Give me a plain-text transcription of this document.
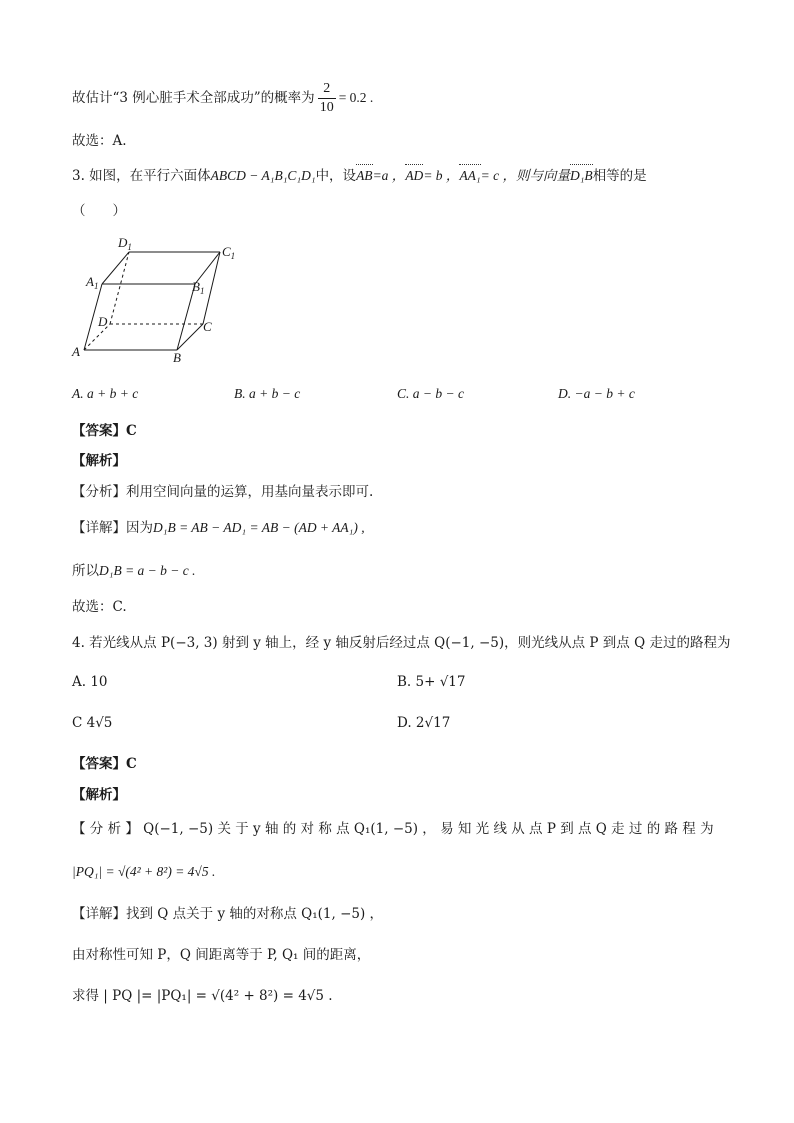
故估计“3 例心脏手术全部成功”的概率为 $\frac{2}{10} = 0.2$ .
故选：A.
3. 如图，在平行六面体ABCD − A₁B₁C₁D₁中，设AB=a ，AD= b ，AA₁= c ，则与向量D₁B相等的是
（　　）
$D_1$	$C_1$
$A_1$	$B_1$
D	C
A	B
A. a + b + c	B. a + b − c	C. a − b − c	D. −a − b + c
【答案】C
【解析】
【分析】利用空间向量的运算，用基向量表示即可.
【详解】因为D₁B = AB − AD₁ = AB − (AD + AA₁) ,
所以D₁B = a − b − c .
故选：C.
4. 若光线从点 P(−3, 3) 射到 y 轴上，经 y 轴反射后经过点 Q(−1, −5)，则光线从点 P 到点 Q 走过的路程为
A. 10	B. 5+ √17
C 4√5	D. 2√17
【答案】C
【解析】
【 分 析 】 Q(−1, −5) 关 于 y 轴 的 对 称 点 Q₁(1, −5) ， 易 知 光 线 从 点 P 到 点 Q 走 过 的 路 程 为
|PQ₁| = √(4² + 8²) = 4√5 .
【详解】找到 Q 点关于 y 轴的对称点 Q₁(1, −5) ，
由对称性可知 P，Q 间距离等于 P, Q₁ 间的距离，
求得 | PQ |= |PQ₁| = √(4² + 8²) = 4√5 .
